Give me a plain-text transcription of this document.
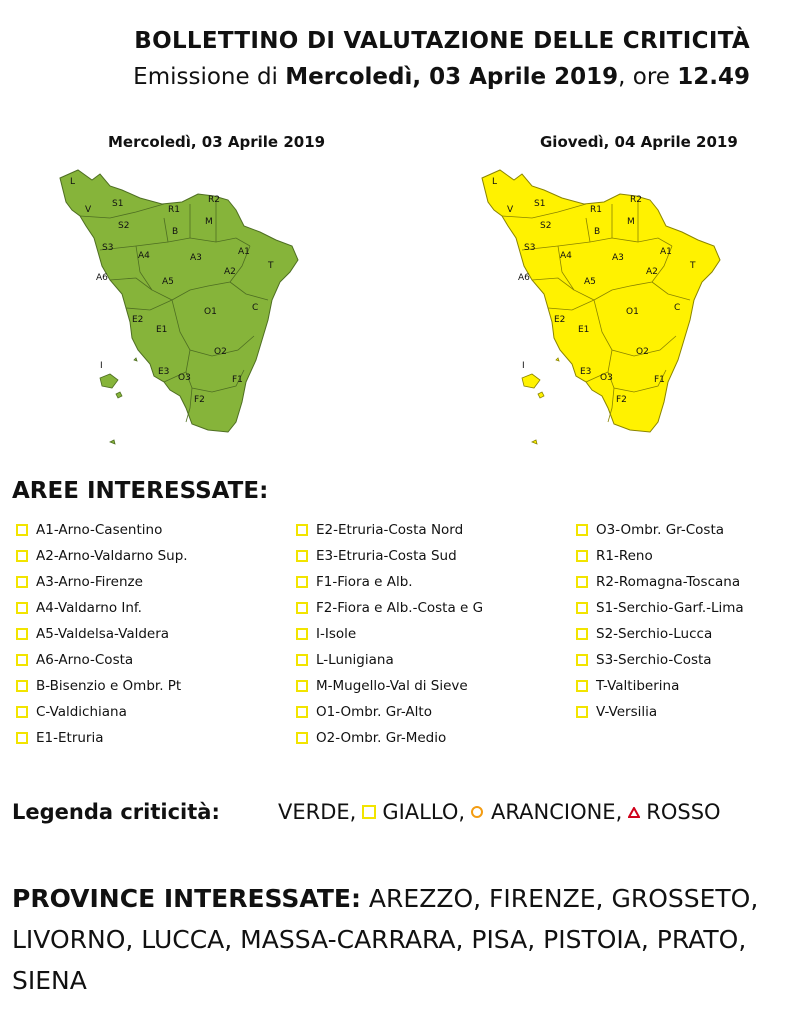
BOLLETTINO DI VALUTAZIONE DELLE CRITICITÀ
Emissione di Mercoledì, 03 Aprile 2019, ore 12.49
Mercoledì, 03 Aprile 2019	Giovedì, 04 Aprile 2019
L
V
S1
R1
R2
M
S2
B
S3
A4	A3
A1
T
A2
A6	A5
O1	C
E2
E1
O2
I
E3
O3	F1
F2
L
V
S1
R1
R2
M
S2
B
S3
A4	A3
A1
T
A2
A6	A5
O1	C
E2
E1
O2
I
E3
O3	F1
F2
AREE INTERESSATE:
A1-Arno-Casentino
A2-Arno-Valdarno Sup.
A3-Arno-Firenze
A4-Valdarno Inf.
A5-Valdelsa-Valdera
A6-Arno-Costa
B-Bisenzio e Ombr. Pt
C-Valdichiana
E1-Etruria
E2-Etruria-Costa Nord
E3-Etruria-Costa Sud
F1-Fiora e Alb.
F2-Fiora e Alb.-Costa e G
I-Isole
L-Lunigiana
M-Mugello-Val di Sieve
O1-Ombr. Gr-Alto
O2-Ombr. Gr-Medio
O3-Ombr. Gr-Costa
R1-Reno
R2-Romagna-Toscana
S1-Serchio-Garf.-Lima
S2-Serchio-Lucca
S3-Serchio-Costa
T-Valtiberina
V-Versilia
Legenda criticità:	VERDE, GIALLO, ARANCIONE, ROSSO
PROVINCE INTERESSATE: AREZZO, FIRENZE, GROSSETO, LIVORNO, LUCCA, MASSA-CARRARA, PISA, PISTOIA, PRATO, SIENA
